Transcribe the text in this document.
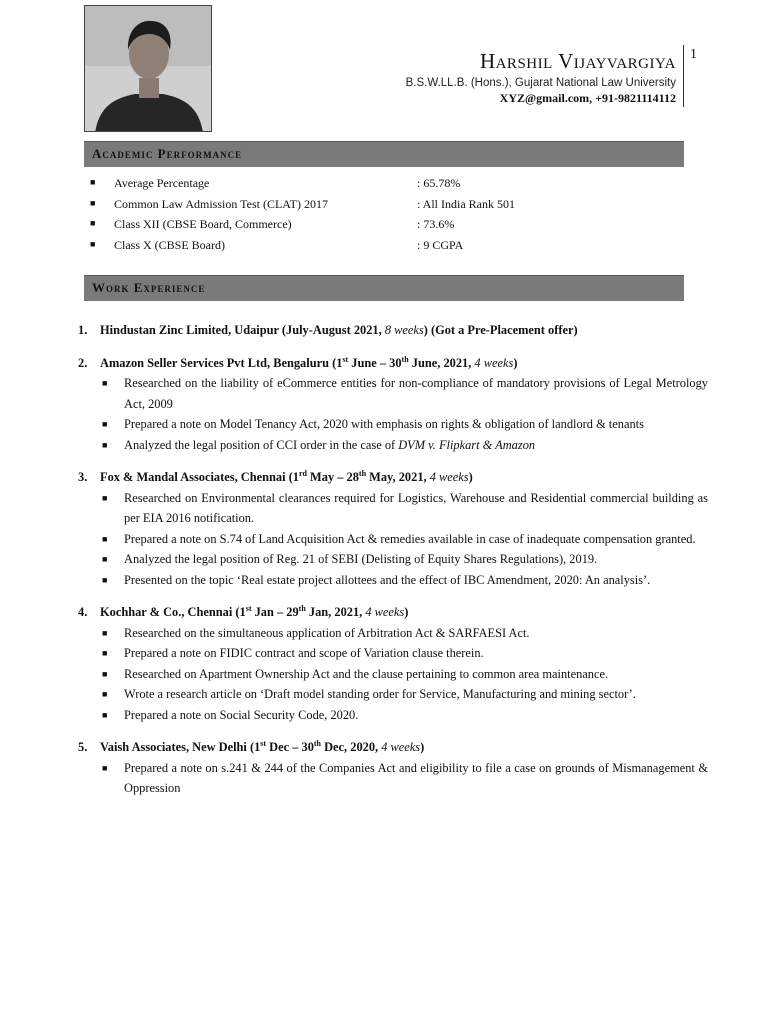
Harshil Vijayvargiya
B.S.W.LL.B. (Hons.), Gujarat National Law University
XYZ@gmail.com, +91-9821114112
1
Academic Performance
■ Average Percentage	: 65.78%
■ Common Law Admission Test (CLAT) 2017	: All India Rank 501
■ Class XII (CBSE Board, Commerce)	: 73.6%
■ Class X (CBSE Board)	: 9 CGPA
Work Experience
1. Hindustan Zinc Limited, Udaipur (July-August 2021, 8 weeks) (Got a Pre-Placement offer)
2. Amazon Seller Services Pvt Ltd, Bengaluru (1st June – 30th June, 2021, 4 weeks)
■ Researched on the liability of eCommerce entities for non-compliance of mandatory provisions of Legal Metrology Act, 2009
■ Prepared a note on Model Tenancy Act, 2020 with emphasis on rights & obligation of landlord & tenants
■ Analyzed the legal position of CCI order in the case of DVM v. Flipkart & Amazon
3. Fox & Mandal Associates, Chennai (1rd May – 28th May, 2021, 4 weeks)
■ Researched on Environmental clearances required for Logistics, Warehouse and Residential commercial building as per EIA 2016 notification.
■ Prepared a note on S.74 of Land Acquisition Act & remedies available in case of inadequate compensation granted.
■ Analyzed the legal position of Reg. 21 of SEBI (Delisting of Equity Shares Regulations), 2019.
■ Presented on the topic ‘Real estate project allottees and the effect of IBC Amendment, 2020: An analysis’.
4. Kochhar & Co., Chennai (1st Jan – 29th Jan, 2021, 4 weeks)
■ Researched on the simultaneous application of Arbitration Act & SARFAESI Act.
■ Prepared a note on FIDIC contract and scope of Variation clause therein.
■ Researched on Apartment Ownership Act and the clause pertaining to common area maintenance.
■ Wrote a research article on ‘Draft model standing order for Service, Manufacturing and mining sector’.
■ Prepared a note on Social Security Code, 2020.
5. Vaish Associates, New Delhi (1st Dec – 30th Dec, 2020, 4 weeks)
■ Prepared a note on s.241 & 244 of the Companies Act and eligibility to file a case on grounds of Mismanagement & Oppression
